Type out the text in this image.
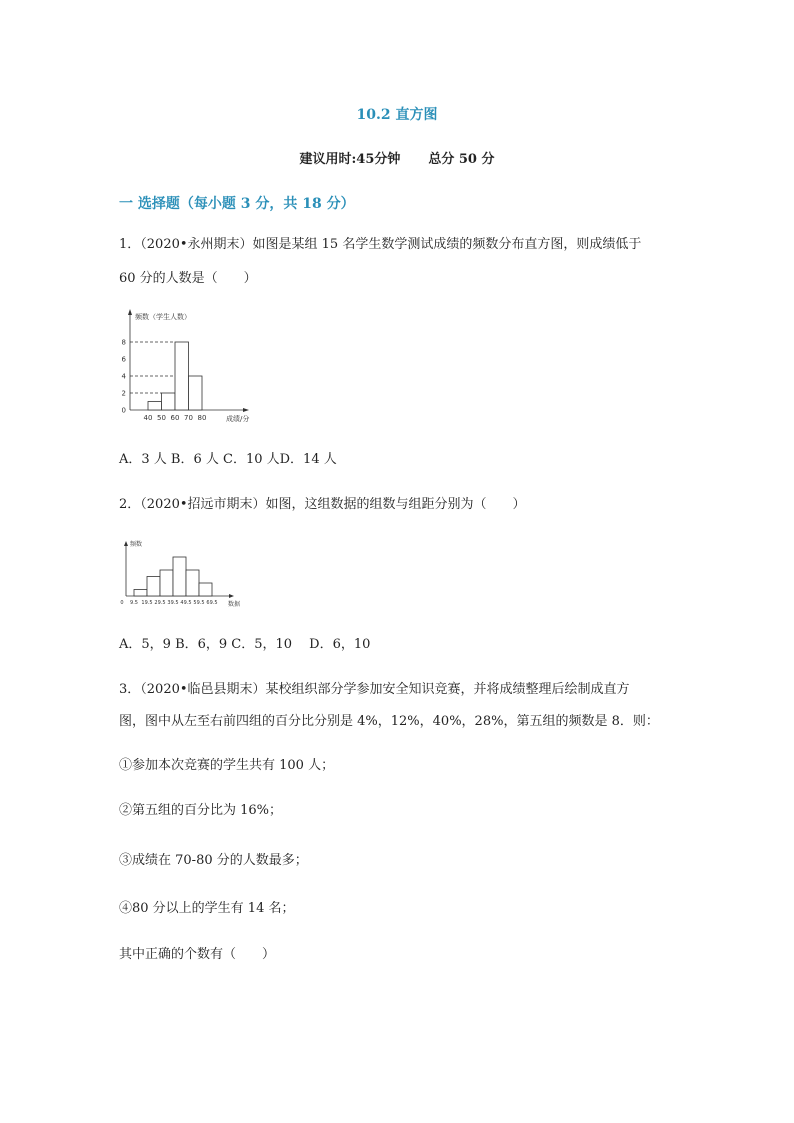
10.2 直方图
建议用时:45分钟 总分 50 分
一 选择题（每小题 3 分，共 18 分）
1．（2020•永州期末）如图是某组 15 名学生数学测试成绩的频数分布直方图，则成绩低于
60 分的人数是（　　）
频数（学生人数）
成绩/分
0
2
4
6
8
40 50 60 70 80
A．3 人 B．6 人 C．10 人D．14 人
2．（2020•招远市期末）如图，这组数据的组数与组距分别为（　　）
频数
数据
0 9.5 19.5 29.5 39.5 49.5 59.5 69.5
A．5，9 B．6，9 C．5，10　 D．6，10
3．（2020•临邑县期末）某校组织部分学参加安全知识竞赛，并将成绩整理后绘制成直方
图，图中从左至右前四组的百分比分别是 4%，12%，40%，28%，第五组的频数是 8．则：
①参加本次竞赛的学生共有 100 人；
②第五组的百分比为 16%；
③成绩在 70-80 分的人数最多；
④80 分以上的学生有 14 名；
其中正确的个数有（　　）
